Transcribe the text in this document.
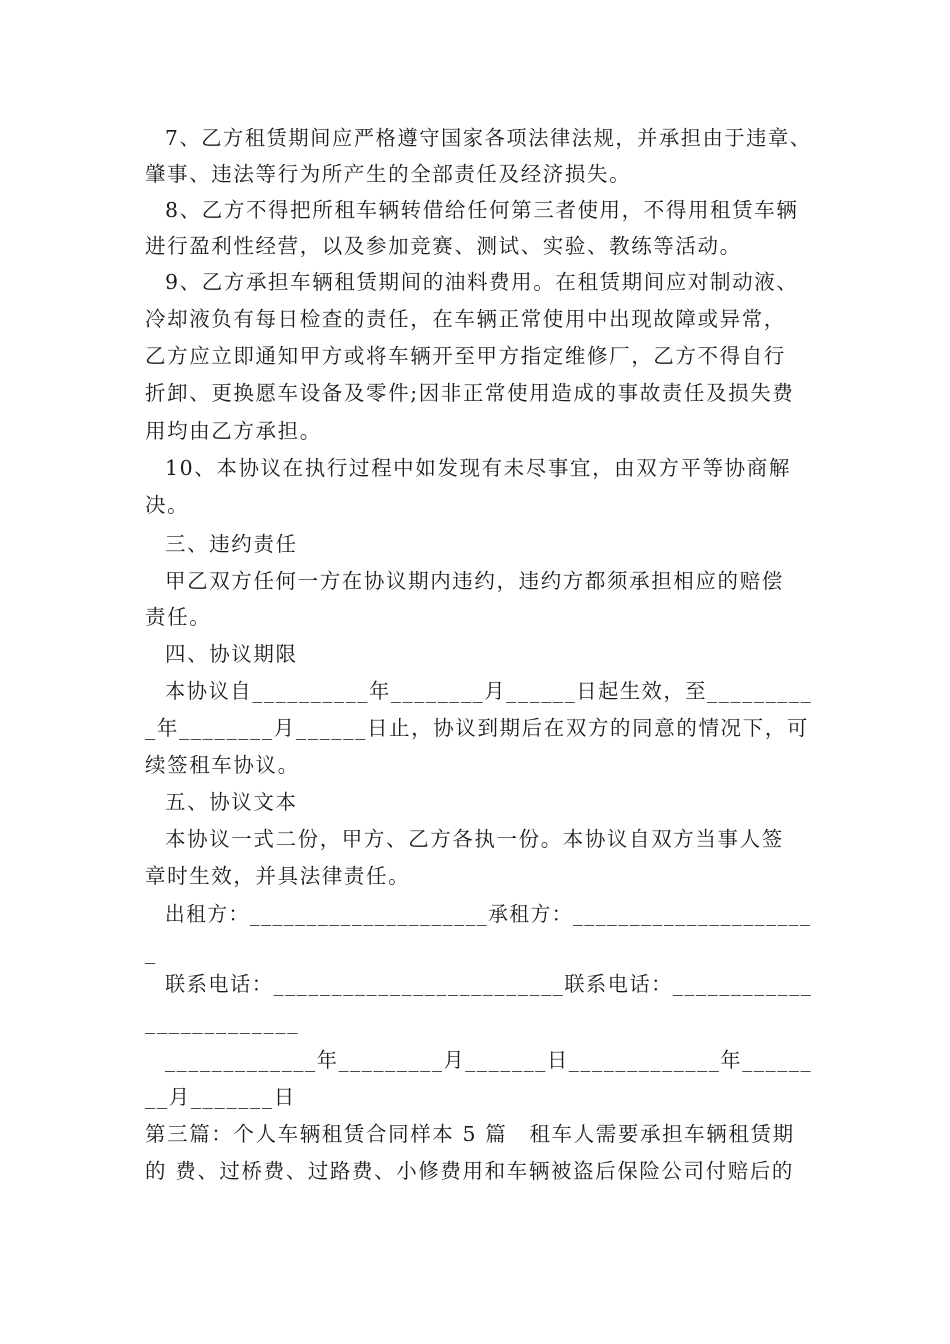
7、乙方租赁期间应严格遵守国家各项法律法规，并承担由于违章、
肇事、违法等行为所产生的全部责任及经济损失。
8、乙方不得把所租车辆转借给任何第三者使用，不得用租赁车辆
进行盈利性经营，以及参加竞赛、测试、实验、教练等活动。
9、乙方承担车辆租赁期间的油料费用。在租赁期间应对制动液、
冷却液负有每日检查的责任，在车辆正常使用中出现故障或异常，
乙方应立即通知甲方或将车辆开至甲方指定维修厂，乙方不得自行
折卸、更换愿车设备及零件;因非正常使用造成的事故责任及损失费
用均由乙方承担。
10、本协议在执行过程中如发现有未尽事宜，由双方平等协商解
决。
三、违约责任
甲乙双方任何一方在协议期内违约，违约方都须承担相应的赔偿
责任。
四、协议期限
本协议自__________年________月______日起生效，至_________
_年________月______日止，协议到期后在双方的同意的情况下，可
续签租车协议。
五、协议文本
本协议一式二份，甲方、乙方各执一份。本协议自双方当事人签
章时生效，并具法律责任。
出租方：_____________________承租方：_____________________
_
联系电话：_________________________联系电话：____________
_____________
_____________年_________月_______日_____________年______
__月_______日
第三篇：个人车辆租赁合同样本 5 篇　租车人需要承担车辆租赁期
的 费、过桥费、过路费、小修费用和车辆被盗后保险公司付赔后的
